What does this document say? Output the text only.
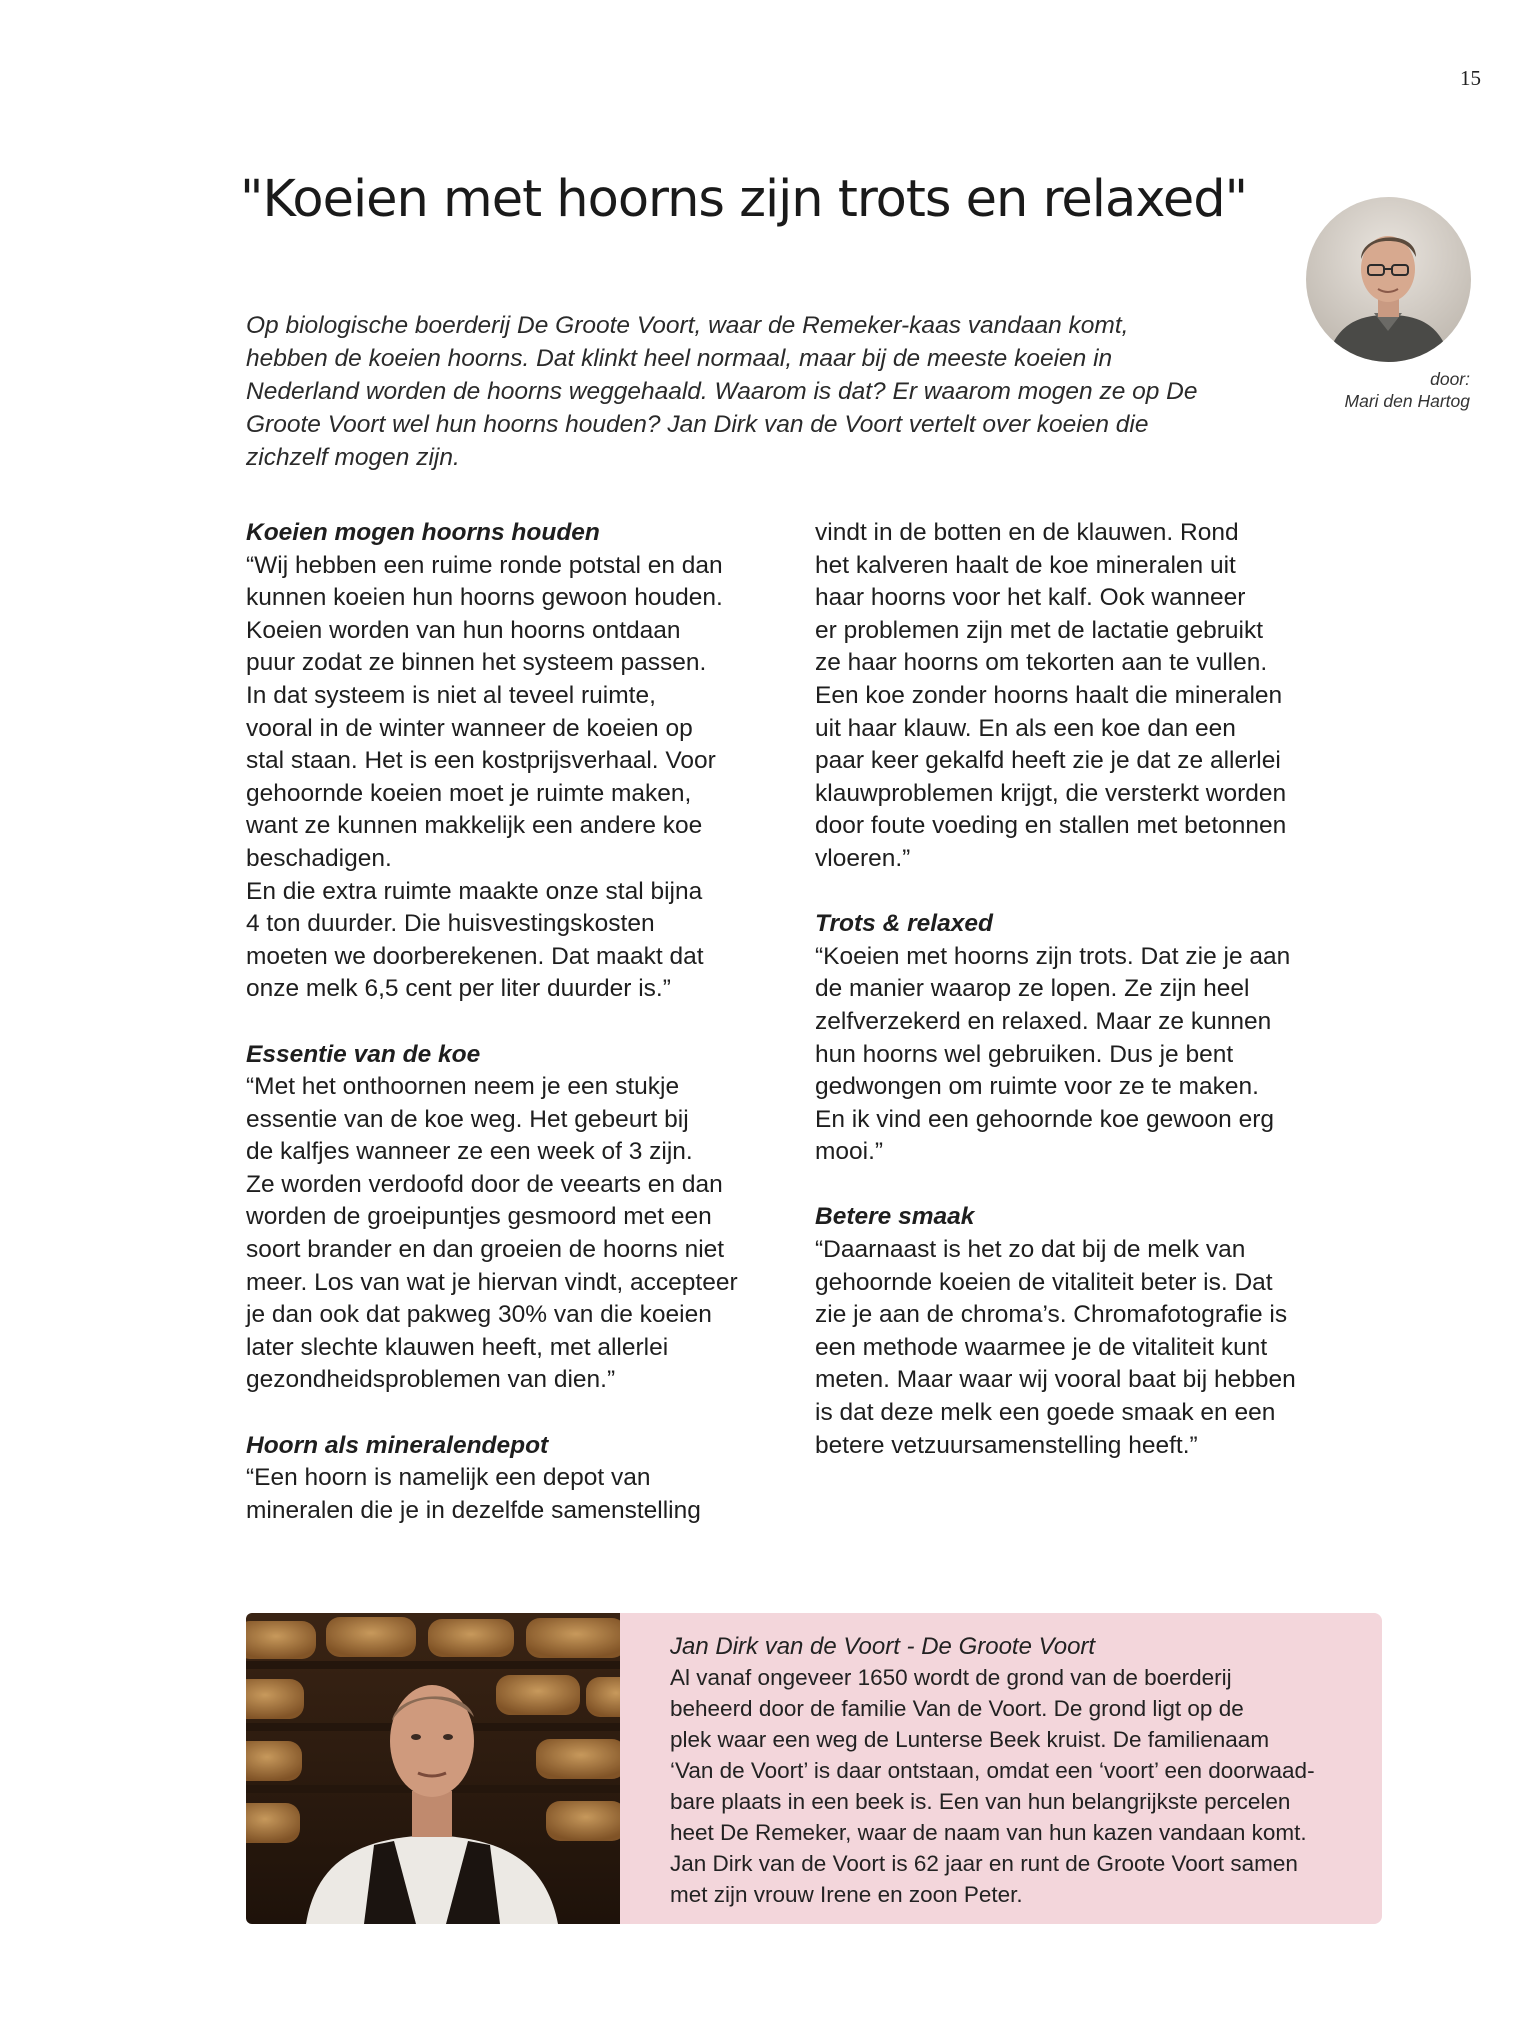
15
"Koeien met hoorns zijn trots en relaxed"

Op biologische boerderij De Groote Voort, waar de Remeker-kaas vandaan komt, hebben de koeien hoorns. Dat klinkt heel normaal, maar bij de meeste koeien in Nederland worden de hoorns weggehaald. Waarom is dat? Er waarom mogen ze op De Groote Voort wel hun hoorns houden? Jan Dirk van de Voort vertelt over koeien die zichzelf mogen zijn.

door:
Mari den Hartog
Koeien mogen hoorns houden

“Wij hebben een ruime ronde potstal en dan
kunnen koeien hun hoorns gewoon houden.
Koeien worden van hun hoorns ontdaan
puur zodat ze binnen het systeem passen.
In dat systeem is niet al teveel ruimte,
vooral in de winter wanneer de koeien op
stal staan. Het is een kostprijsverhaal. Voor
gehoornde koeien moet je ruimte maken,
want ze kunnen makkelijk een andere koe
beschadigen.
En die extra ruimte maakte onze stal bijna
4 ton duurder. Die huisvestingskosten
moeten we doorberekenen. Dat maakt dat
onze melk 6,5 cent per liter duurder is.”

Essentie van de koe

“Met het onthoornen neem je een stukje
essentie van de koe weg. Het gebeurt bij
de kalfjes wanneer ze een week of 3 zijn.
Ze worden verdoofd door de veearts en dan
worden de groeipuntjes gesmoord met een
soort brander en dan groeien de hoorns niet
meer. Los van wat je hiervan vindt, accepteer
je dan ook dat pakweg 30% van die koeien
later slechte klauwen heeft, met allerlei
gezondheidsproblemen van dien.”

Hoorn als mineralendepot

“Een hoorn is namelijk een depot van
mineralen die je in dezelfde samenstelling

vindt in de botten en de klauwen. Rond
het kalveren haalt de koe mineralen uit
haar hoorns voor het kalf. Ook wanneer
er problemen zijn met de lactatie gebruikt
ze haar hoorns om tekorten aan te vullen.
Een koe zonder hoorns haalt die mineralen
uit haar klauw. En als een koe dan een
paar keer gekalfd heeft zie je dat ze allerlei
klauwproblemen krijgt, die versterkt worden
door foute voeding en stallen met betonnen
vloeren.”

Trots & relaxed

“Koeien met hoorns zijn trots. Dat zie je aan
de manier waarop ze lopen. Ze zijn heel
zelfverzekerd en relaxed. Maar ze kunnen
hun hoorns wel gebruiken. Dus je bent
gedwongen om ruimte voor ze te maken.
En ik vind een gehoornde koe gewoon erg
mooi.”

Betere smaak

“Daarnaast is het zo dat bij de melk van
gehoornde koeien de vitaliteit beter is. Dat
zie je aan de chroma’s. Chromafotografie is
een methode waarmee je de vitaliteit kunt
meten. Maar waar wij vooral baat bij hebben
is dat deze melk een goede smaak en een
betere vetzuursamenstelling heeft.”

Jan Dirk van de Voort - De Groote Voort

Al vanaf ongeveer 1650 wordt de grond van de boerderij
beheerd door de familie Van de Voort. De grond ligt op de
plek waar een weg de Lunterse Beek kruist. De familienaam
‘Van de Voort’ is daar ontstaan, omdat een ‘voort’ een doorwaad-
bare plaats in een beek is. Een van hun belangrijkste percelen
heet De Remeker, waar de naam van hun kazen vandaan komt.
Jan Dirk van de Voort is 62 jaar en runt de Groote Voort samen
met zijn vrouw Irene en zoon Peter.
